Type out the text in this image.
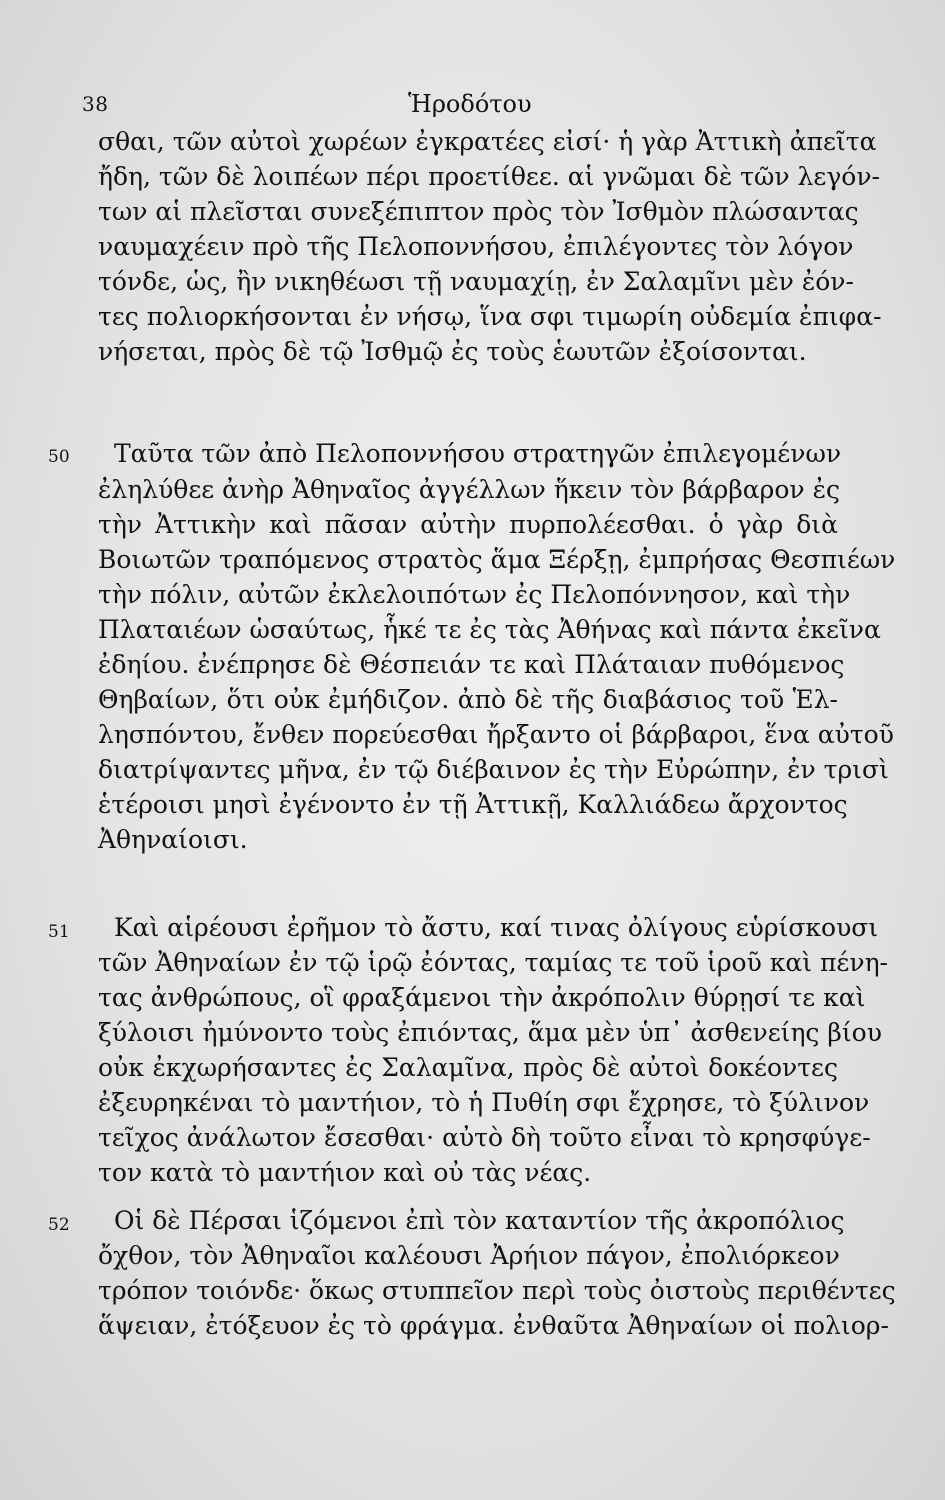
38	Ἡροδότου
50
51
52
σθαι, τῶν αὐτοὶ χωρέων ἐγκρατέες εἰσί· ἡ γὰρ Ἀττικὴ ἀπεῖτα
ἤδη, τῶν δὲ λοιπέων πέρι προετίθεε. αἱ γνῶμαι δὲ τῶν λεγόν-
των αἱ πλεῖσται συνεξέπιπτον πρὸς τὸν Ἰσθμὸν πλώσαντας
ναυμαχέειν πρὸ τῆς Πελοποννήσου, ἐπιλέγοντες τὸν λόγον
τόνδε, ὡς, ἢν νικηθέωσι τῇ ναυμαχίῃ, ἐν Σαλαμῖνι μὲν ἐόν-
τες πολιορκήσονται ἐν νήσῳ, ἵνα σφι τιμωρίη οὐδεμία ἐπιφα-
νήσεται, πρὸς δὲ τῷ Ἰσθμῷ ἐς τοὺς ἑωυτῶν ἐξοίσονται.
Ταῦτα τῶν ἀπὸ Πελοποννήσου στρατηγῶν ἐπιλεγομένων
ἐληλύθεε ἀνὴρ Ἀθηναῖος ἀγγέλλων ἥκειν τὸν βάρβαρον ἐς
τὴν Ἀττικὴν καὶ πᾶσαν αὐτὴν πυρπολέεσθαι. ὁ γὰρ διὰ
Βοιωτῶν τραπόμενος στρατὸς ἅμα Ξέρξῃ, ἐμπρήσας Θεσπιέων
τὴν πόλιν, αὐτῶν ἐκλελοιπότων ἐς Πελοπόννησον, καὶ τὴν
Πλαταιέων ὡσαύτως, ἧκέ τε ἐς τὰς Ἀθήνας καὶ πάντα ἐκεῖνα
ἐδηίου. ἐνέπρησε δὲ Θέσπειάν τε καὶ Πλάταιαν πυθόμενος
Θηβαίων, ὅτι οὐκ ἐμήδιζον. ἀπὸ δὲ τῆς διαβάσιος τοῦ Ἑλ-
λησπόντου, ἔνθεν πορεύεσθαι ἤρξαντο οἱ βάρβαροι, ἕνα αὐτοῦ
διατρίψαντες μῆνα, ἐν τῷ διέβαινον ἐς τὴν Εὐρώπην, ἐν τρισὶ
ἑτέροισι μησὶ ἐγένοντο ἐν τῇ Ἀττικῇ, Καλλιάδεω ἄρχοντος
Ἀθηναίοισι.
Καὶ αἱρέουσι ἐρῆμον τὸ ἄστυ, καί τινας ὀλίγους εὑρίσκουσι
τῶν Ἀθηναίων ἐν τῷ ἱρῷ ἐόντας, ταμίας τε τοῦ ἱροῦ καὶ πένη-
τας ἀνθρώπους, οἳ φραξάμενοι τὴν ἀκρόπολιν θύρῃσί τε καὶ
ξύλοισι ἠμύνοντο τοὺς ἐπιόντας, ἅμα μὲν ὑπ᾽ ἀσθενείης βίου
οὐκ ἐκχωρήσαντες ἐς Σαλαμῖνα, πρὸς δὲ αὐτοὶ δοκέοντες
ἐξευρηκέναι τὸ μαντήιον, τὸ ἡ Πυθίη σφι ἔχρησε, τὸ ξύλινον
τεῖχος ἀνάλωτον ἔσεσθαι· αὐτὸ δὴ τοῦτο εἶναι τὸ κρησφύγε-
τον κατὰ τὸ μαντήιον καὶ οὐ τὰς νέας.
Οἱ δὲ Πέρσαι ἱζόμενοι ἐπὶ τὸν καταντίον τῆς ἀκροπόλιος
ὄχθον, τὸν Ἀθηναῖοι καλέουσι Ἀρήιον πάγον, ἐπολιόρκεον
τρόπον τοιόνδε· ὅκως στυππεῖον περὶ τοὺς ὀιστοὺς περιθέντες
ἅψειαν, ἐτόξευον ἐς τὸ φράγμα. ἐνθαῦτα Ἀθηναίων οἱ πολιορ-
